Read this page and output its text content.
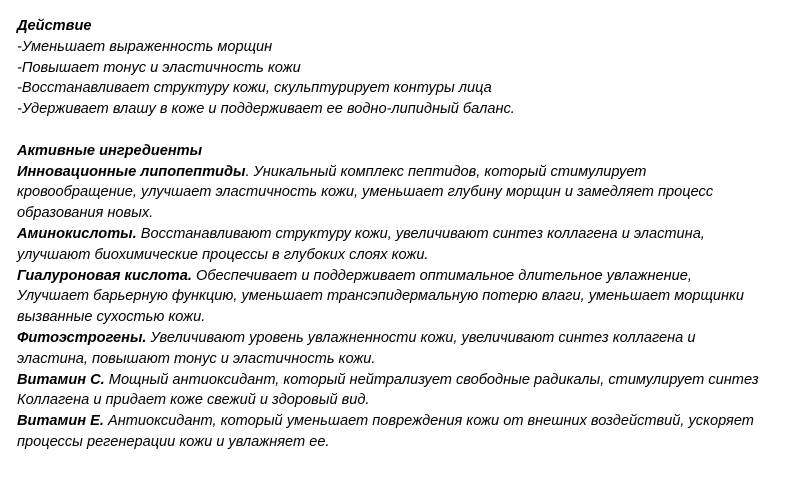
Действие
-Уменьшает выраженность морщин
-Повышает тонус и эластичность кожи
-Восстанавливает структуру кожи, скульптурирует контуры лица
-Удерживает влашу в коже и поддерживает ее водно-липидный баланс.
Активные ингредиенты
Инновационные липопептиды. Уникальный комплекс пептидов, который стимулирует
кровообращение, улучшает эластичность кожи, уменьшает глубину морщин и замедляет процесс
образования новых.
Аминокислоты. Восстанавливают структуру кожи, увеличивают синтез коллагена и эластина,
улучшают биохимические процессы в глубоких слоях кожи.
Гиалуроновая кислота. Обеспечивает и поддерживает оптимальное длительное увлажнение,
Улучшает барьерную функцию, уменьшает трансэпидермальную потерю влаги, уменьшает морщинки
вызванные сухостью кожи.
Фитоэстрогены. Увеличивают уровень увлажненности кожи, увеличивают синтез коллагена и
эластина, повышают тонус и эластичность кожи.
Витамин С. Мощный антиоксидант, который нейтрализует свободные радикалы, стимулирует синтез
Коллагена и придает коже свежий и здоровый вид.
Витамин Е. Антиоксидант, который уменьшает повреждения кожи от внешних воздействий, ускоряет
процессы регенерации кожи и увлажняет ее.
